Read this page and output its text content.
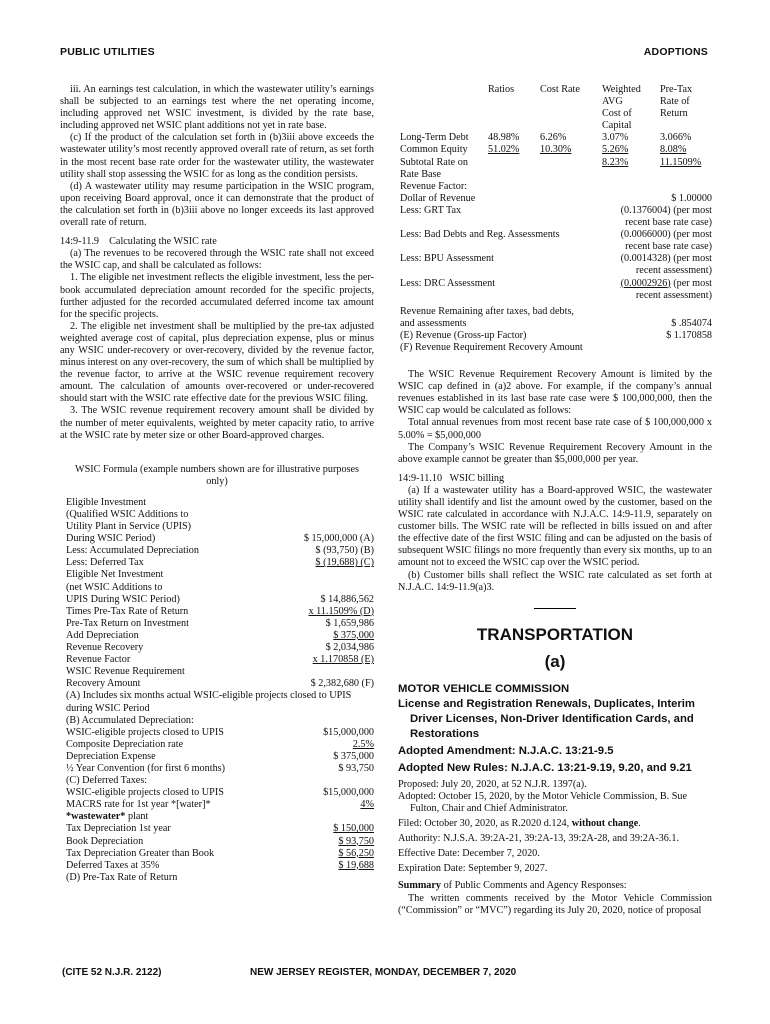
PUBLIC UTILITIES	ADOPTIONS

iii. An earnings test calculation, in which the wastewater utility’s earnings shall be subjected to an earnings test where the net operating income, including approved net WSIC investment, is divided by the rate base, including approved net WSIC plant additions not yet in rate base.

(c) If the product of the calculation set forth in (b)3iii above exceeds the wastewater utility’s most recently approved overall rate of return, as set forth in the most recent base rate order for the wastewater utility, the wastewater utility shall stop assessing the WSIC for as long as the condition persists.

(d) A wastewater utility may resume participation in the WSIC program, upon receiving Board approval, once it can demonstrate that the product of the calculation set forth in (b)3iii above no longer exceeds its last approved overall rate of return.

14:9-11.9    Calculating the WSIC rate

(a) The revenues to be recovered through the WSIC rate shall not exceed the WSIC cap, and shall be calculated as follows:

1. The eligible net investment reflects the eligible investment, less the per-book accumulated depreciation amount recorded for the specific projects, further adjusted for the recorded accumulated deferred income tax amount for the specific projects.

2. The eligible net investment shall be multiplied by the pre-tax adjusted weighted average cost of capital, plus depreciation expense, plus or minus any WSIC under-recovery or over-recovery, divided by the revenue factor, minus interest on any over-recovery, the sum of which shall be multiplied by the revenue factor, to arrive at the WSIC revenue requirement recovery amount. The calculation of amounts over-recovered or under-recovered should start with the WSIC rate effective date for the previous WSIC filing.

3. The WSIC revenue requirement recovery amount shall be divided by the number of meter equivalents, weighted by meter capacity ratio, to arrive at the WSIC rate by meter size or other Board-approved charges.

WSIC Formula (example numbers shown are for illustrative purposes only)

Eligible Investment
(Qualified WSIC Additions to
Utility Plant in Service (UPIS)
During WSIC Period)	$ 15,000,000 (A)
Less: Accumulated Depreciation	$ (93,750) (B)
Less: Deferred Tax	$ (19,688) (C)
Eligible Net Investment
(net WSIC Additions to
UPIS During WSIC Period)	$ 14,886,562
Times Pre-Tax Rate of Return	x 11.1509% (D)
Pre-Tax Return on Investment	$ 1,659,986
Add Depreciation	$ 375,000
Revenue Recovery	$ 2,034,986
Revenue Factor	x 1.170858 (E)
WSIC Revenue Requirement
Recovery Amount	$ 2,382,680 (F)
(A) Includes six months actual WSIC-eligible projects closed to UPIS during WSIC Period
(B) Accumulated Depreciation:
WSIC-eligible projects closed to UPIS	$15,000,000
Composite Depreciation rate	2.5%
Depreciation Expense	$ 375,000
½ Year Convention (for first 6 months)	$ 93,750
(C) Deferred Taxes:
WSIC-eligible projects closed to UPIS	$15,000,000
MACRS rate for 1st year *[water]*	4%
*wastewater* plant
Tax Depreciation 1st year	$ 150,000
Book Depreciation	$ 93,750
Tax Depreciation Greater than Book	$ 56,250
Deferred Taxes at 35%	$ 19,688
(D) Pre-Tax Rate of Return
	Ratios	Cost Rate	Weighted
AVG
Cost of
Capital	Pre-Tax
Rate of
Return
Long-Term Debt	48.98%	6.26%	3.07%	3.066%
Common Equity	51.02%	10.30%	5.26%	8.08%
Subtotal Rate on
Rate Base			8.23%	11.1509%
Revenue Factor:
Dollar of Revenue	$ 1.00000
Less: GRT Tax	(0.1376004) (per most recent base rate case)
Less: Bad Debts and Reg. Assessments	(0.0066000) (per most recent base rate case)
Less: BPU Assessment	(0.0014328) (per most recent assessment)
Less: DRC Assessment	(0.0002926) (per most recent assessment)
Revenue Remaining after taxes, bad debts,
and assessments	$ .854074
(E) Revenue (Gross-up Factor)	$ 1.170858
(F) Revenue Requirement Recovery Amount

The WSIC Revenue Requirement Recovery Amount is limited by the WSIC cap defined in (a)2 above. For example, if the company’s annual revenues established in its last base rate case were $ 100,000,000, then the WSIC cap would be calculated as follows:

Total annual revenues from most recent base rate case of $ 100,000,000 x 5.00% = $5,000,000

The Company’s WSIC Revenue Requirement Recovery Amount in the above example cannot be greater than $5,000,000 per year.

14:9-11.10   WSIC billing

(a) If a wastewater utility has a Board-approved WSIC, the wastewater utility shall identify and list the amount owed by the customer, based on the WSIC rate calculated in accordance with N.J.A.C. 14:9-11.9, separately on customer bills. The WSIC rate will be reflected in bills issued on and after the effective date of the first WSIC filing and can be adjusted on the basis of subsequent WSIC filings no more frequently than every six months, up to an amount not to exceed the WSIC cap over the WSIC period.

(b) Customer bills shall reflect the WSIC rate calculated as set forth at N.J.A.C. 14:9-11.9(a)3.

TRANSPORTATION
(a)
MOTOR VEHICLE COMMISSION
License and Registration Renewals, Duplicates, Interim Driver Licenses, Non-Driver Identification Cards, and Restorations
Adopted Amendment: N.J.A.C. 13:21-9.5
Adopted New Rules: N.J.A.C. 13:21-9.19, 9.20, and 9.21

Proposed: July 20, 2020, at 52 N.J.R. 1397(a).

Adopted: October 15, 2020, by the Motor Vehicle Commission, B. Sue Fulton, Chair and Chief Administrator.

Filed: October 30, 2020, as R.2020 d.124, without change.

Authority: N.J.S.A. 39:2A-21, 39:2A-13, 39:2A-28, and 39:2A-36.1.

Effective Date: December 7, 2020.

Expiration Date: September 9, 2027.

Summary of Public Comments and Agency Responses:

The written comments received by the Motor Vehicle Commission (“Commission” or “MVC”) regarding its July 20, 2020, notice of proposal

(CITE 52 N.J.R. 2122)	NEW JERSEY REGISTER, MONDAY, DECEMBER 7, 2020
